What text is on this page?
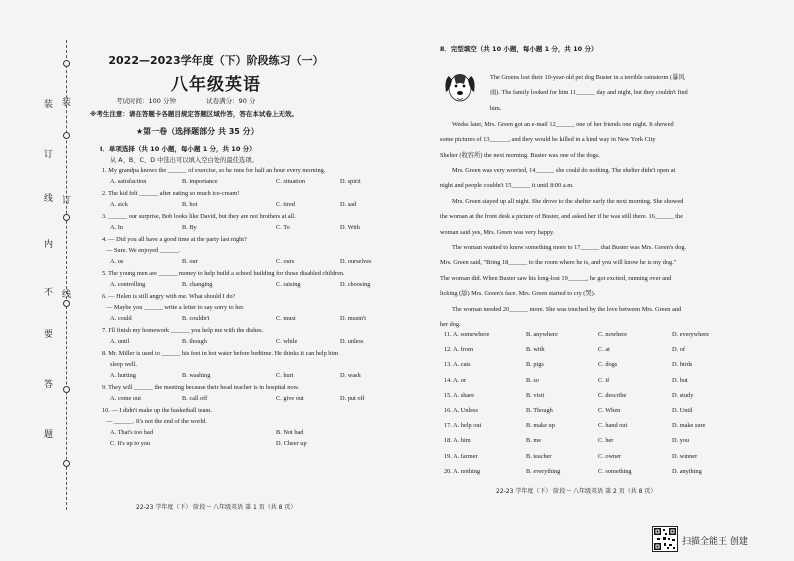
装
订
线
内
不
要
答
题
装
订
线
2022—2023学年度（下）阶段练习（一）
八年级英语
考试时间：100 分钟	试卷满分：90 分
※考生注意：请在答题卡各题目规定答题区域作答，答在本试卷上无效。
★第一卷（选择题部分 共 35 分）
Ⅰ．单项选择（共 10 小题，每小题 1 分，共 10 分）
从 A、B、C、D 中选出可以填入空白处的最佳选项。
1. My grandpa knows the ______ of exercise, so he runs for half an hour every morning.
A. satisfaction	B. importance	C. situation	D. spirit
2. The kid felt ______ after eating so much ice-cream!
A. sick	B. hot	C. tired	D. sad
3. ______ our surprise, Bob looks like David, but they are not brothers at all.
A. In	B. By	C. To	D. With
4. — Did you all have a good time at the party last night?
— Sure. We enjoyed ______.
A. us	B. our	C. ours	D. ourselves
5. The young men are ______ money to help build a school building for those disabled children.
A. controlling	B. changing	C. raising	D. choosing
6. — Helen is still angry with me. What should I do?
— Maybe you ______ write a letter to say sorry to her.
A. could	B. couldn't	C. must	D. mustn't
7. I'll finish my homework ______ you help me with the dishes.
A. until	B. though	C. while	D. unless
8. Mr. Miller is used to ______ his feet in hot water before bedtime. He thinks it can help him
sleep well.
A. hurting	B. washing	C. hurt	D. wash
9. They will ______ the meeting because their head teacher is in hospital now.
A. come out	B. call off	C. give out	D. put off
10. — I didn't make up the basketball team.
— ______. It's not the end of the world.
A. That's too bad	B. Not bad
C. It's up to you	D. Cheer up
22-23 学年度（下） 阶段一 八年级英语 第 1 页（共 8 页）
Ⅱ．完型填空（共 10 小题，每小题 1 分，共 10 分）
The Greens lost their 10-year-old pet dog Buster in a terrible rainstorm (暴风
雨). The family looked for him 11______ day and night, but they couldn't find
him.
Weeks later, Mrs. Green got an e-mail 12______ one of her friends one night. It showed
some pictures of 13______, and they would be killed in a kind way in New York City
Shelter (收容所) the next morning. Buster was one of the dogs.
Mrs. Green was very worried, 14______ she could do nothing. The shelter didn't open at
night and people couldn't 15______ it until 8:00 a.m.
Mrs. Green stayed up all night. She drove to the shelter early the next morning. She showed
the woman at the front desk a picture of Buster, and asked her if he was still there. 16______ the
woman said yes, Mrs. Green was very happy.
The woman wanted to know something more to 17______ that Buster was Mrs. Green's dog.
Mrs. Green said, "Bring 18______ to the room where he is, and you will know he is my dog."
The woman did. When Buster saw his long-lost 19______, he got excited, running over and
licking (舔) Mrs. Green's face. Mrs. Green started to cry (哭).
The woman needed 20______ more. She was touched by the love between Mrs. Green and
her dog.
11. A. somewhere	B. anywhere	C. nowhere	D. everywhere
12. A. from	B. with	C. at	D. of
13. A. cats	B. pigs	C. dogs	D. birds
14. A. or	B. so	C. if	D. but
15. A. share	B. visit	C. describe	D. study
16. A. Unless	B. Though	C. When	D. Until
17. A. help out	B. make up	C. hand out	D. make sure
18. A. him	B. me	C. her	D. you
19. A. farmer	B. teacher	C. owner	D. winner
20. A. nothing	B. everything	C. something	D. anything
22-23 学年度（下） 阶段一 八年级英语 第 2 页（共 8 页）
扫描全能王 创建
